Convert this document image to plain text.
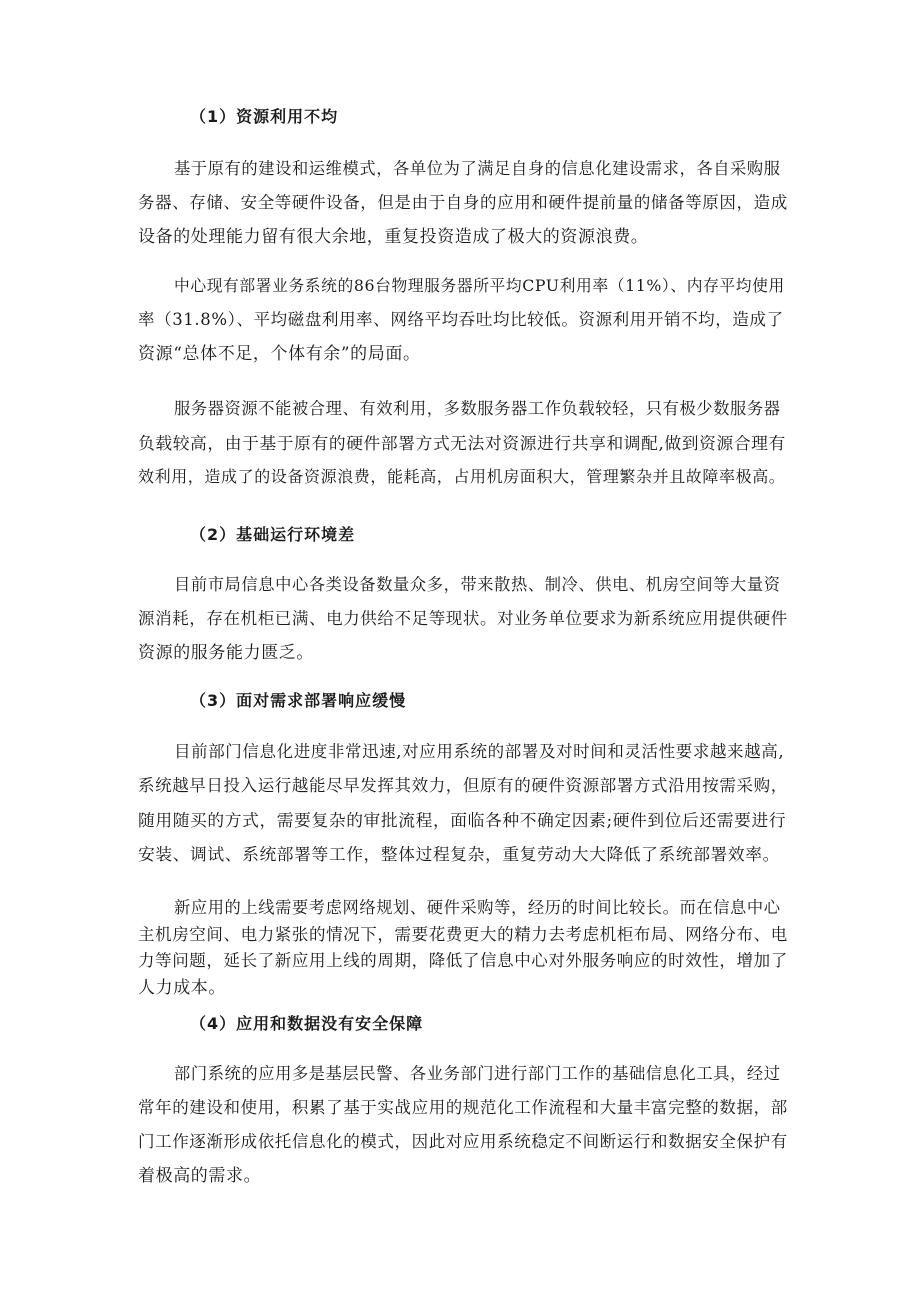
（1）资源利用不均
基于原有的建设和运维模式，各单位为了满足自身的信息化建设需求，各自采购服
务器、存储、安全等硬件设备，但是由于自身的应用和硬件提前量的储备等原因，造成
设备的处理能力留有很大余地，重复投资造成了极大的资源浪费。
中心现有部署业务系统的86台物理服务器所平均CPU利用率（11%）、内存平均使用
率（31.8%）、平均磁盘利用率、网络平均吞吐均比较低。资源利用开销不均，造成了
资源“总体不足，个体有余”的局面。
服务器资源不能被合理、有效利用，多数服务器工作负载较轻，只有极少数服务器
负载较高，由于基于原有的硬件部署方式无法对资源进行共享和调配,做到资源合理有
效利用，造成了的设备资源浪费，能耗高，占用机房面积大，管理繁杂并且故障率极高。
（2）基础运行环境差
目前市局信息中心各类设备数量众多，带来散热、制冷、供电、机房空间等大量资
源消耗，存在机柜已满、电力供给不足等现状。对业务单位要求为新系统应用提供硬件
资源的服务能力匮乏。
（3）面对需求部署响应缓慢
目前部门信息化进度非常迅速,对应用系统的部署及对时间和灵活性要求越来越高,
系统越早日投入运行越能尽早发挥其效力，但原有的硬件资源部署方式沿用按需采购，
随用随买的方式，需要复杂的审批流程，面临各种不确定因素;硬件到位后还需要进行
安装、调试、系统部署等工作，整体过程复杂，重复劳动大大降低了系统部署效率。
新应用的上线需要考虑网络规划、硬件采购等，经历的时间比较长。而在信息中心
主机房空间、电力紧张的情况下，需要花费更大的精力去考虑机柜布局、网络分布、电
力等问题，延长了新应用上线的周期，降低了信息中心对外服务响应的时效性，增加了
人力成本。
（4）应用和数据没有安全保障
部门系统的应用多是基层民警、各业务部门进行部门工作的基础信息化工具，经过
常年的建设和使用，积累了基于实战应用的规范化工作流程和大量丰富完整的数据，部
门工作逐渐形成依托信息化的模式，因此对应用系统稳定不间断运行和数据安全保护有
着极高的需求。
